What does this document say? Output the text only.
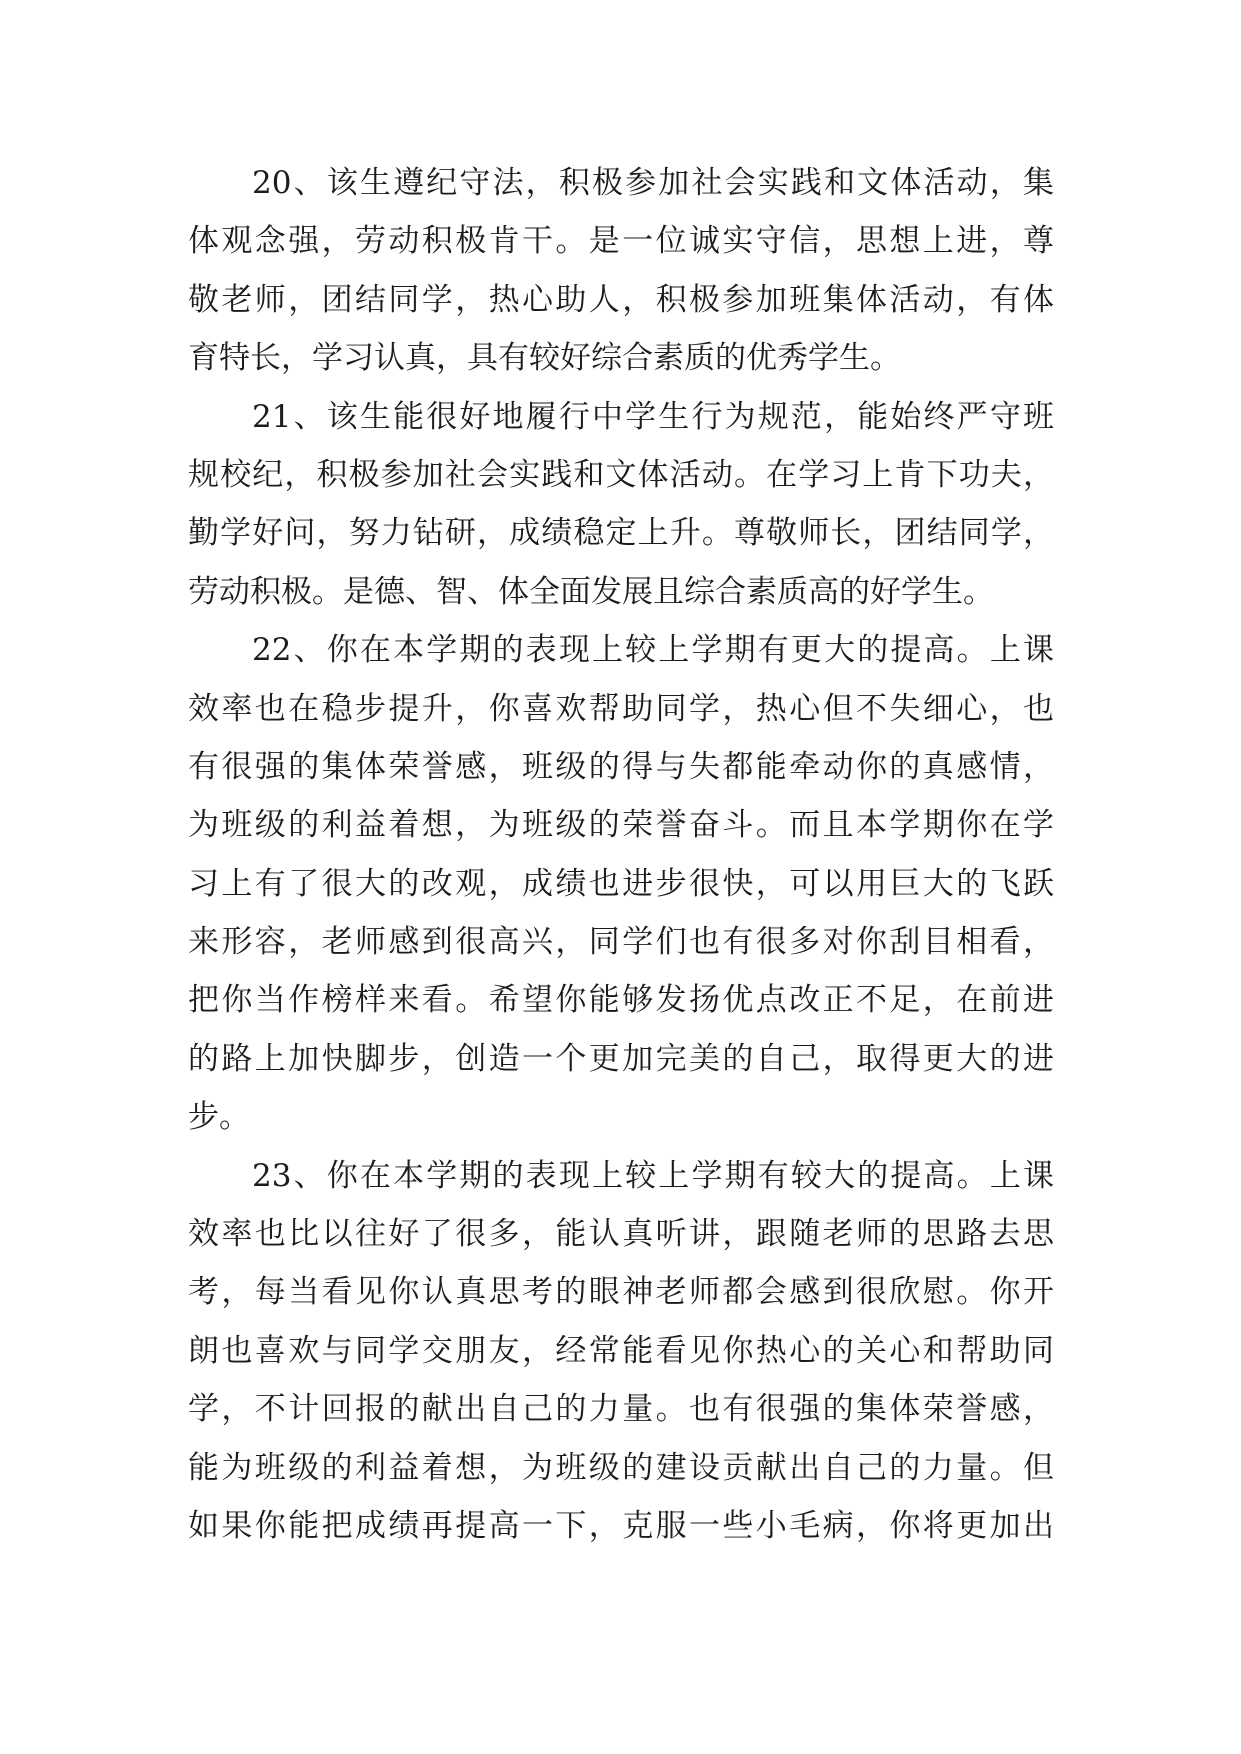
20、该生遵纪守法，积极参加社会实践和文体活动，集
体观念强，劳动积极肯干。是一位诚实守信，思想上进，尊
敬老师，团结同学，热心助人，积极参加班集体活动，有体
育特长，学习认真，具有较好综合素质的优秀学生。
21、该生能很好地履行中学生行为规范，能始终严守班
规校纪，积极参加社会实践和文体活动。在学习上肯下功夫，
勤学好问，努力钻研，成绩稳定上升。尊敬师长，团结同学，
劳动积极。是德、智、体全面发展且综合素质高的好学生。
22、你在本学期的表现上较上学期有更大的提高。上课
效率也在稳步提升，你喜欢帮助同学，热心但不失细心，也
有很强的集体荣誉感，班级的得与失都能牵动你的真感情，
为班级的利益着想，为班级的荣誉奋斗。而且本学期你在学
习上有了很大的改观，成绩也进步很快，可以用巨大的飞跃
来形容，老师感到很高兴，同学们也有很多对你刮目相看，
把你当作榜样来看。希望你能够发扬优点改正不足，在前进
的路上加快脚步，创造一个更加完美的自己，取得更大的进
步。
23、你在本学期的表现上较上学期有较大的提高。上课
效率也比以往好了很多，能认真听讲，跟随老师的思路去思
考，每当看见你认真思考的眼神老师都会感到很欣慰。你开
朗也喜欢与同学交朋友，经常能看见你热心的关心和帮助同
学，不计回报的献出自己的力量。也有很强的集体荣誉感，
能为班级的利益着想，为班级的建设贡献出自己的力量。但
如果你能把成绩再提高一下，克服一些小毛病，你将更加出
